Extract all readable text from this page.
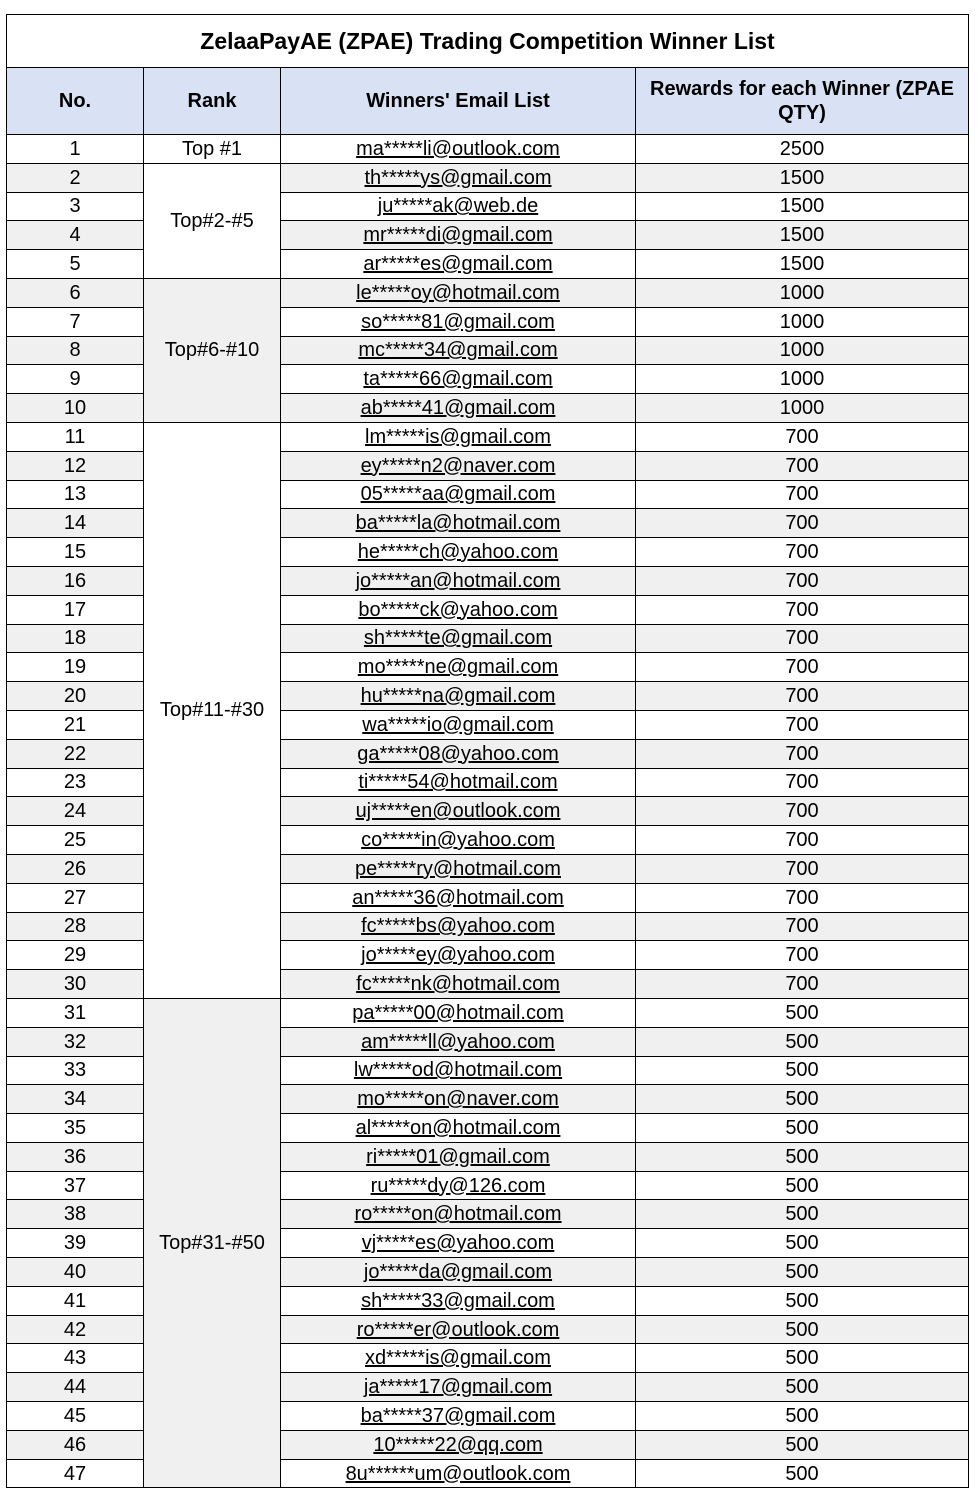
ZelaaPayAE (ZPAE) Trading Competition Winner List			
No.	Rank	Winners' Email List	Rewards for each Winner (ZPAE QTY)
1	Top #1	ma*****li@outlook.com	2500
2	Top#2-#5	th*****ys@gmail.com	1500
3		ju*****ak@web.de	1500
4		mr*****di@gmail.com	1500
5		ar*****es@gmail.com	1500
6	Top#6-#10	le*****oy@hotmail.com	1000
7		so*****81@gmail.com	1000
8		mc*****34@gmail.com	1000
9		ta*****66@gmail.com	1000
10		ab*****41@gmail.com	1000
11	Top#11-#30	lm*****is@gmail.com	700
12		ey*****n2@naver.com	700
13		05*****aa@gmail.com	700
14		ba*****la@hotmail.com	700
15		he*****ch@yahoo.com	700
16		jo*****an@hotmail.com	700
17		bo*****ck@yahoo.com	700
18		sh*****te@gmail.com	700
19		mo*****ne@gmail.com	700
20		hu*****na@gmail.com	700
21		wa*****io@gmail.com	700
22		ga*****08@yahoo.com	700
23		ti*****54@hotmail.com	700
24		uj*****en@outlook.com	700
25		co*****in@yahoo.com	700
26		pe*****ry@hotmail.com	700
27		an*****36@hotmail.com	700
28		fc*****bs@yahoo.com	700
29		jo*****ey@yahoo.com	700
30		fc*****nk@hotmail.com	700
31	Top#31-#50	pa*****00@hotmail.com	500
32		am*****ll@yahoo.com	500
33		lw*****od@hotmail.com	500
34		mo*****on@naver.com	500
35		al*****on@hotmail.com	500
36		ri*****01@gmail.com	500
37		ru*****dy@126.com	500
38		ro*****on@hotmail.com	500
39		vj*****es@yahoo.com	500
40		jo*****da@gmail.com	500
41		sh*****33@gmail.com	500
42		ro*****er@outlook.com	500
43		xd*****is@gmail.com	500
44		ja*****17@gmail.com	500
45		ba*****37@gmail.com	500
46		10*****22@qq.com	500
47		8u******um@outlook.com	500
